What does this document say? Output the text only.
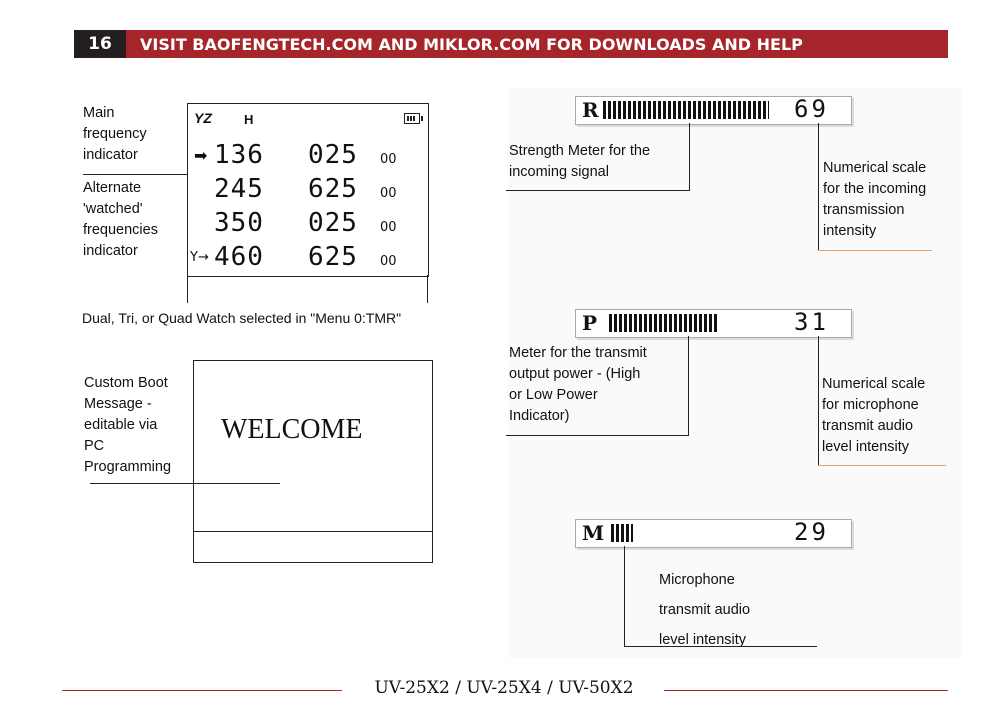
16	VISIT BAOFENGTECH.COM AND MIKLOR.COM FOR DOWNLOADS AND HELP
Main
frequency
indicator
Alternate
'watched'
frequencies
indicator
YZ H
➡ 136 025 00
245 625 00
350 025 00
Y→ 460 625 00
Dual, Tri, or Quad Watch selected in "Menu 0:TMR"
Custom Boot
Message -
editable via
PC
Programming
WELCOME
R	69
Strength Meter for the
incoming signal	Numerical scale
for the incoming
transmission
intensity
P	31
Meter for the transmit
output power - (High
or Low Power
Indicator)
Numerical scale
for microphone
transmit audio
level intensity
M	29
Microphone
transmit audio
level intensity
UV-25X2 / UV-25X4 / UV-50X2
